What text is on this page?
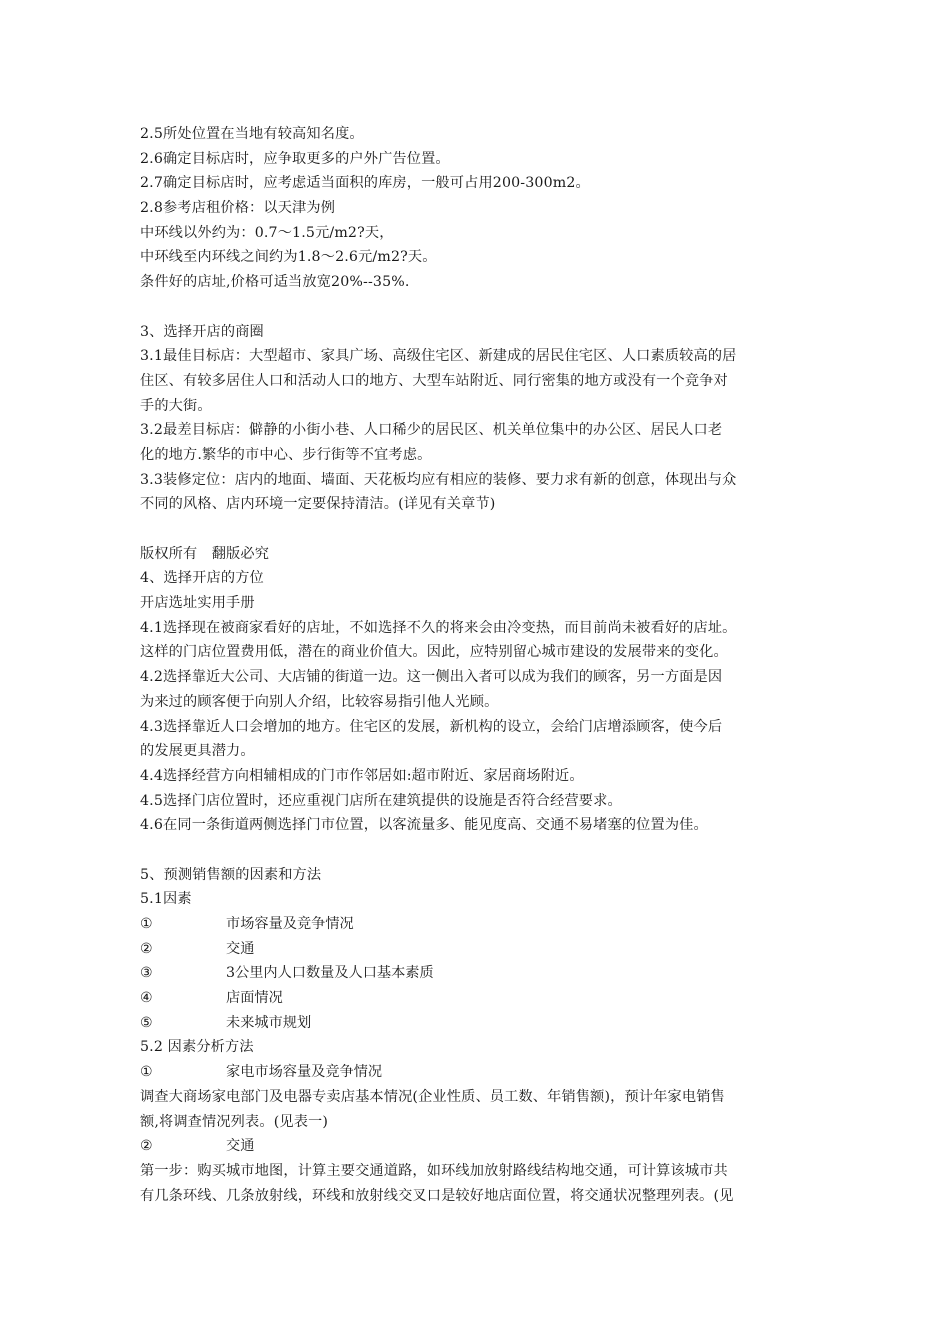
2.5所处位置在当地有较高知名度。
2.6确定目标店时，应争取更多的户外广告位置。
2.7确定目标店时，应考虑适当面积的库房，一般可占用200-300m2。
2.8参考店租价格：以天津为例
中环线以外约为：0.7～1.5元/m2?天，
中环线至内环线之间约为1.8～2.6元/m2?天。
条件好的店址,价格可适当放宽20%--35%.
3、选择开店的商圈
3.1最佳目标店：大型超市、家具广场、高级住宅区、新建成的居民住宅区、人口素质较高的居
住区、有较多居住人口和活动人口的地方、大型车站附近、同行密集的地方或没有一个竞争对
手的大街。
3.2最差目标店：僻静的小街小巷、人口稀少的居民区、机关单位集中的办公区、居民人口老
化的地方.繁华的市中心、步行街等不宜考虑。
3.3装修定位：店内的地面、墙面、天花板均应有相应的装修、要力求有新的创意，体现出与众
不同的风格、店内环境一定要保持清洁。(详见有关章节)
版权所有　翻版必究
4、选择开店的方位
开店选址实用手册
4.1选择现在被商家看好的店址，不如选择不久的将来会由冷变热，而目前尚未被看好的店址。
这样的门店位置费用低，潜在的商业价值大。因此，应特别留心城市建设的发展带来的变化。
4.2选择靠近大公司、大店铺的街道一边。这一侧出入者可以成为我们的顾客，另一方面是因
为来过的顾客便于向别人介绍，比较容易指引他人光顾。
4.3选择靠近人口会增加的地方。住宅区的发展，新机构的设立，会给门店增添顾客，使今后
的发展更具潜力。
4.4选择经营方向相辅相成的门市作邻居如:超市附近、家居商场附近。
4.5选择门店位置时，还应重视门店所在建筑提供的设施是否符合经营要求。
4.6在同一条街道两侧选择门市位置，以客流量多、能见度高、交通不易堵塞的位置为佳。
5、预测销售额的因素和方法
5.1因素
①	市场容量及竞争情况
②	交通
③	3公里内人口数量及人口基本素质
④	店面情况
⑤	未来城市规划
5.2 因素分析方法
①	家电市场容量及竞争情况
调查大商场家电部门及电器专卖店基本情况(企业性质、员工数、年销售额)，预计年家电销售
额,将调查情况列表。(见表一)
②	交通
第一步：购买城市地图，计算主要交通道路，如环线加放射路线结构地交通，可计算该城市共
有几条环线、几条放射线，环线和放射线交叉口是较好地店面位置，将交通状况整理列表。(见
